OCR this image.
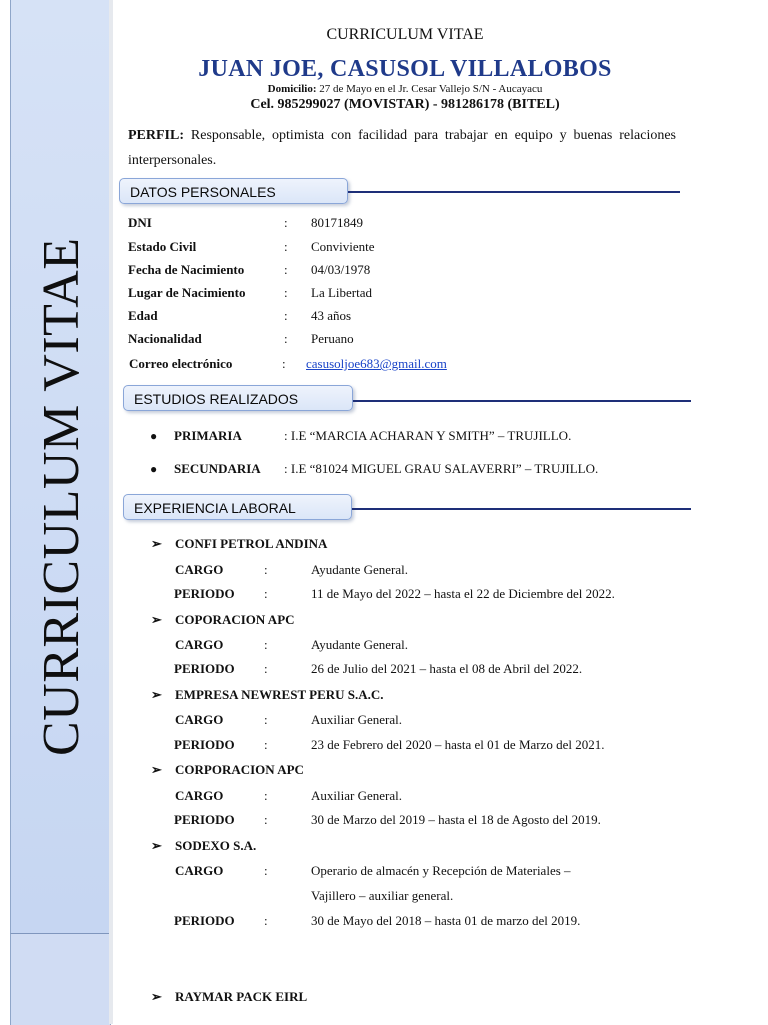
CURRICULUM VITAE
CURRICULUM VITAE
JUAN JOE, CASUSOL VILLALOBOS
Domicilio: 27 de Mayo en el Jr. Cesar Vallejo S/N - Aucayacu
Cel. 985299027 (MOVISTAR) - 981286178 (BITEL)
PERFIL: Responsable, optimista con facilidad para trabajar en equipo y buenas relaciones interpersonales.
DATOS PERSONALES
DNI	: 80171849
Estado Civil	: Conviviente
Fecha de Nacimiento	: 04/03/1978
Lugar de Nacimiento	: La Libertad
Edad	: 43 años
Nacionalidad	: Peruano
Correo electrónico	: casusoljoe683@gmail.com
ESTUDIOS REALIZADOS
● PRIMARIA	: I.E “MARCIA ACHARAN Y SMITH” – TRUJILLO.
● SECUNDARIA : I.E “81024 MIGUEL GRAU SALAVERRI” – TRUJILLO.
EXPERIENCIA LABORAL
➢ CONFI PETROL ANDINA
CARGO	:	Ayudante General.
PERIODO :	11 de Mayo del 2022 – hasta el 22 de Diciembre del 2022.
➢ COPORACION APC
CARGO	:	Ayudante General.
PERIODO :	26 de Julio del 2021 – hasta el 08 de Abril del 2022.
➢ EMPRESA NEWREST PERU S.A.C.
CARGO	:	Auxiliar General.
PERIODO :	23 de Febrero del 2020 – hasta el 01 de Marzo del 2021.
➢ CORPORACION APC
CARGO	:	Auxiliar General.
PERIODO :	30 de Marzo del 2019 – hasta el 18 de Agosto del 2019.
➢ SODEXO S.A.
CARGO	:	Operario de almacén y Recepción de Materiales –
Vajillero – auxiliar general.
PERIODO :	30 de Mayo del 2018 – hasta 01 de marzo del 2019.
➢ RAYMAR PACK EIRL
